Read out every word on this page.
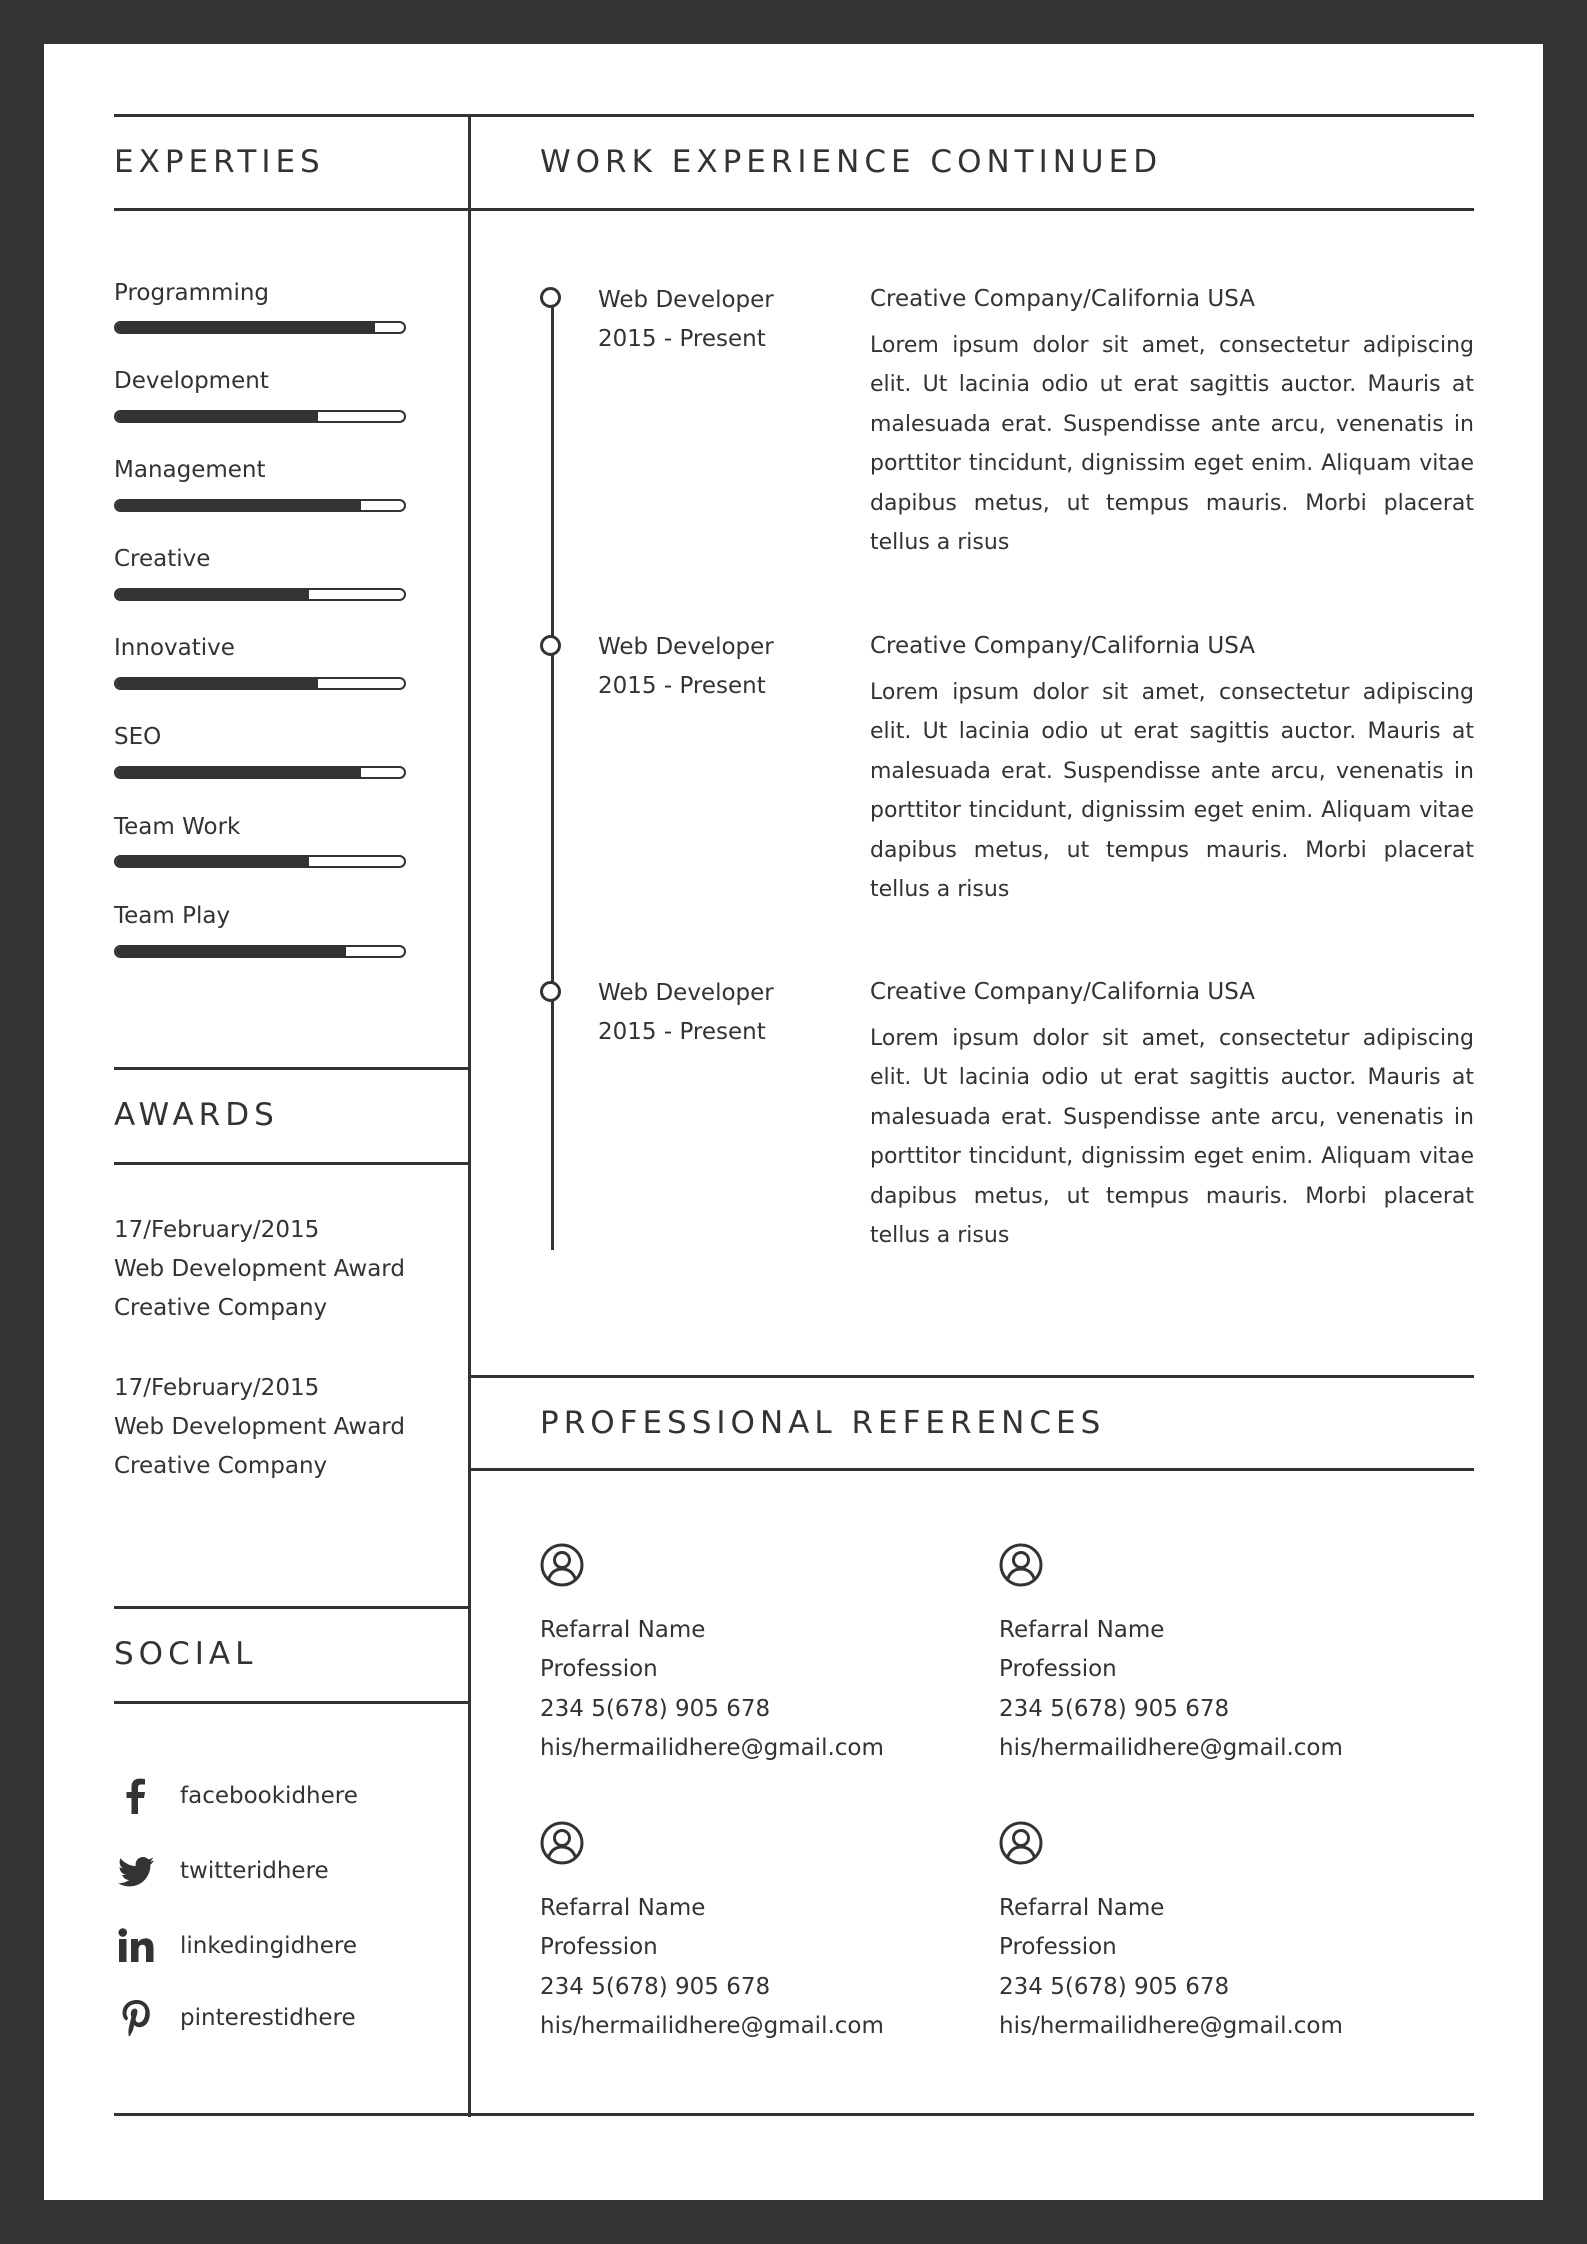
EXPERTIES
Programming
Development
Management
Creative
Innovative
SEO
Team Work
Team Play
AWARDS
17/February/2015
Web Development Award
Creative Company
17/February/2015
Web Development Award
Creative Company
SOCIAL
facebookidhere
twitteridhere
linkedingidhere
pinterestidhere
WORK EXPERIENCE CONTINUED
Web Developer
2015 - Present
Creative Company/California USA

Lorem ipsum dolor sit amet, consectetur adipiscing elit. Ut lacinia odio ut erat sagittis auctor. Mauris at malesuada erat. Suspendisse ante arcu, venenatis in porttitor tincidunt, dignissim eget enim. Aliquam vitae dapibus metus, ut tempus mauris. Morbi placerat tellus a risus

Web Developer
2015 - Present
Creative Company/California USA

Lorem ipsum dolor sit amet, consectetur adipiscing elit. Ut lacinia odio ut erat sagittis auctor. Mauris at malesuada erat. Suspendisse ante arcu, venenatis in porttitor tincidunt, dignissim eget enim. Aliquam vitae dapibus metus, ut tempus mauris. Morbi placerat tellus a risus

Web Developer
2015 - Present
Creative Company/California USA

Lorem ipsum dolor sit amet, consectetur adipiscing elit. Ut lacinia odio ut erat sagittis auctor. Mauris at malesuada erat. Suspendisse ante arcu, venenatis in porttitor tincidunt, dignissim eget enim. Aliquam vitae dapibus metus, ut tempus mauris. Morbi placerat tellus a risus

PROFESSIONAL REFERENCES
Refarral Name
Profession
234 5(678) 905 678
his/hermailidhere@gmail.com
Refarral Name
Profession
234 5(678) 905 678
his/hermailidhere@gmail.com
Refarral Name
Profession
234 5(678) 905 678
his/hermailidhere@gmail.com
Refarral Name
Profession
234 5(678) 905 678
his/hermailidhere@gmail.com
